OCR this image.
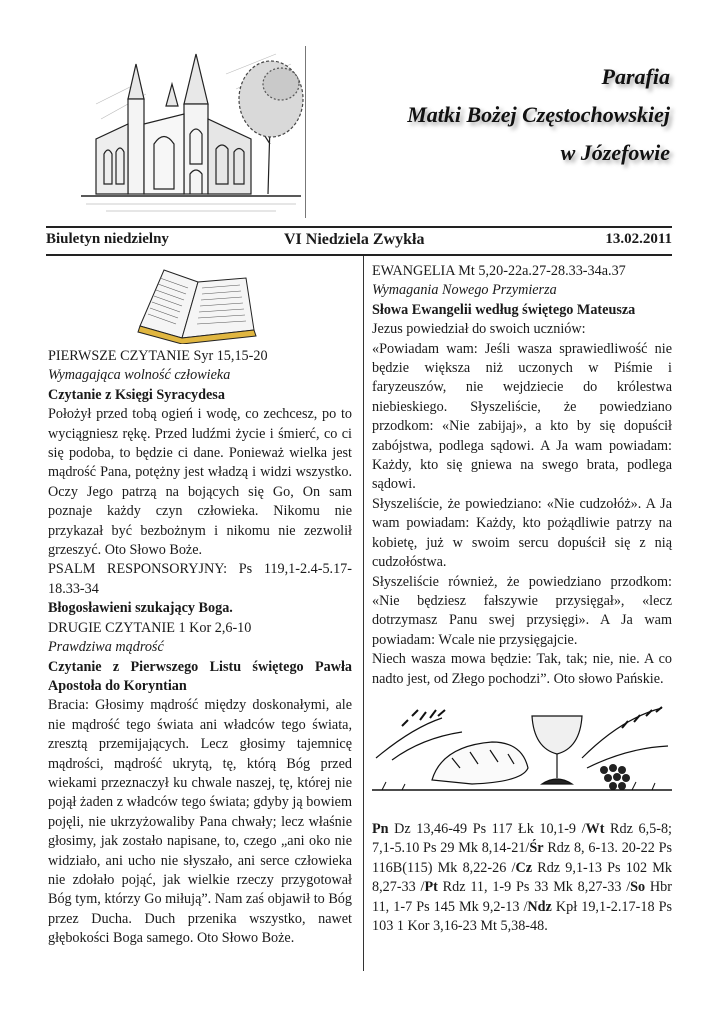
Parafia
Matki Bożej Częstochowskiej
w Józefowie
Biuletyn niedzielny	VI Niedziela Zwykła	13.02.2011

PIERWSZE CZYTANIE Syr 15,15-20

Wymagająca wolność człowieka

Czytanie z Księgi Syracydesa

Położył przed tobą ogień i wodę, co zechcesz, po to wyciągniesz rękę. Przed ludźmi życie i śmierć, co ci się podoba, to będzie ci dane. Ponieważ wielka jest mądrość Pana, potężny jest władzą i widzi wszystko. Oczy Jego patrzą na bojących się Go, On sam poznaje każdy czyn człowieka. Nikomu nie przykazał być bezbożnym i nikomu nie zezwolił grzeszyć. Oto Słowo Boże.

PSALM RESPONSORYJNY: Ps 119,1-2.4-5.17-18.33-34

Błogosławieni szukający Boga.

DRUGIE CZYTANIE 1 Kor 2,6-10

Prawdziwa mądrość

Czytanie z Pierwszego Listu świętego Pawła Apostoła do Koryntian

Bracia: Głosimy mądrość między doskonałymi, ale nie mądrość tego świata ani władców tego świata, zresztą przemijających. Lecz głosimy tajemnicę mądrości, mądrość ukrytą, tę, którą Bóg przed wiekami przeznaczył ku chwale naszej, tę, której nie pojął żaden z władców tego świata; gdyby ją bowiem pojęli, nie ukrzyżowaliby Pana chwały; lecz właśnie głosimy, jak zostało napisane, to, czego „ani oko nie widziało, ani ucho nie słyszało, ani serce człowieka nie zdołało pojąć, jak wielkie rzeczy przygotował Bóg tym, którzy Go miłują”. Nam zaś objawił to Bóg przez Ducha. Duch przenika wszystko, nawet głębokości Boga samego. Oto Słowo Boże.

EWANGELIA Mt 5,20-22a.27-28.33-34a.37

Wymagania Nowego Przymierza

Słowa Ewangelii według świętego Mateusza

Jezus powiedział do swoich uczniów:

«Powiadam wam: Jeśli wasza sprawiedliwość nie będzie większa niż uczonych w Piśmie i faryzeuszów, nie wejdziecie do królestwa niebieskiego. Słyszeliście, że powiedziano przodkom: «Nie zabijaj», a kto by się dopuścił zabójstwa, podlega sądowi. A Ja wam powiadam: Każdy, kto się gniewa na swego brata, podlega sądowi.

Słyszeliście, że powiedziano: «Nie cudzołóż». A Ja wam powiadam: Każdy, kto pożądliwie patrzy na kobietę, już w swoim sercu dopuścił się z nią cudzołóstwa.

Słyszeliście również, że powiedziano przodkom: «Nie będziesz fałszywie przysięgał», «lecz dotrzymasz Panu swej przysięgi». A Ja wam powiadam: Wcale nie przysięgajcie.

Niech wasza mowa będzie: Tak, tak; nie, nie. A co nadto jest, od Złego pochodzi”. Oto słowo Pańskie.

Pn Dz 13,46-49 Ps 117 Łk 10,1-9 /Wt Rdz 6,5-8; 7,1-5.10 Ps 29 Mk 8,14-21/Śr Rdz 8, 6-13. 20-22 Ps 116B(115) Mk 8,22-26 /Cz Rdz 9,1-13 Ps 102 Mk 8,27-33 /Pt Rdz 11, 1-9 Ps 33 Mk 8,27-33 /So Hbr 11, 1-7 Ps 145 Mk 9,2-13 /Ndz Kpł 19,1-2.17-18 Ps 103 1 Kor 3,16-23 Mt 5,38-48.
